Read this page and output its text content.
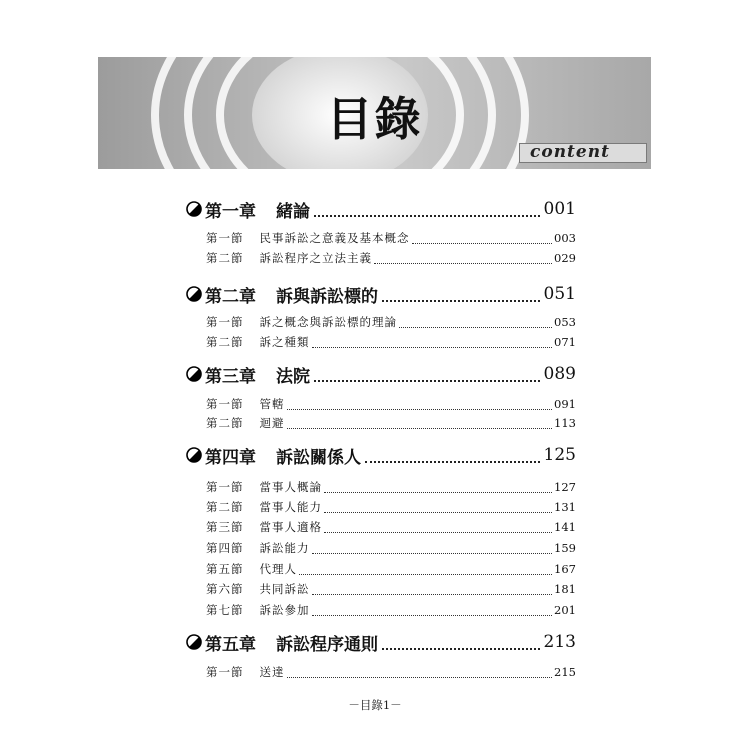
目錄
content
第一章 緒論	001
第一節 民事訴訟之意義及基本概念	003
第二節 訴訟程序之立法主義	029
第二章 訴與訴訟標的	051
第一節 訴之概念與訴訟標的理論	053
第二節 訴之種類	071
第三章 法院	089
第一節 管轄	091
第二節 迴避	113
第四章 訴訟關係人	125
第一節 當事人概論	127
第二節 當事人能力	131
第三節 當事人適格	141
第四節 訴訟能力	159
第五節 代理人	167
第六節 共同訴訟	181
第七節 訴訟參加	201
第五章 訴訟程序通則	213
第一節 送達	215
－目錄1－
